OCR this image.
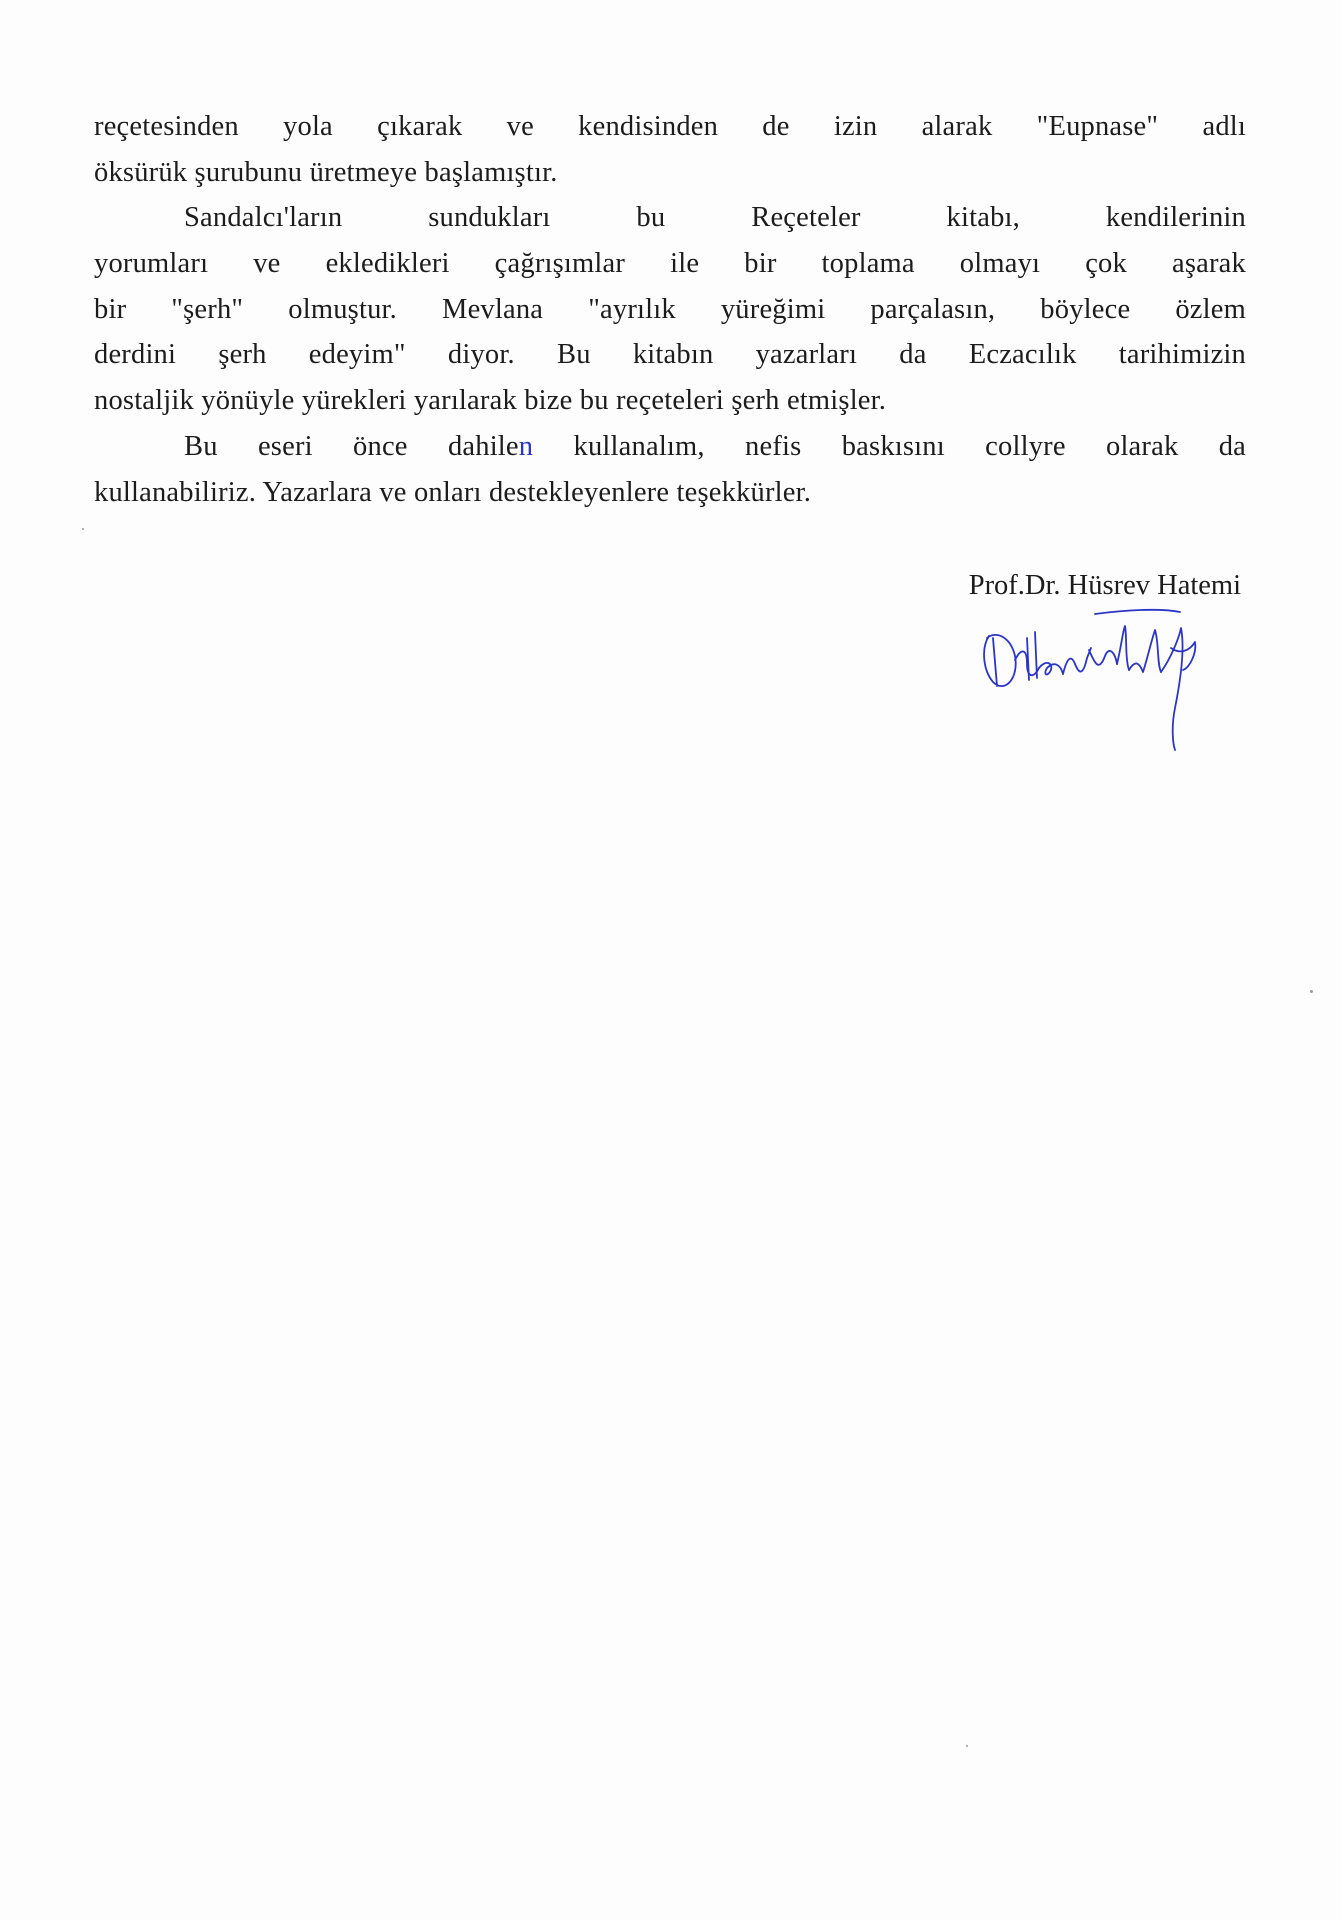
reçetesinden yola çıkarak ve kendisinden de izin alarak "Eupnase" adlı
öksürük şurubunu üretmeye başlamıştır.
Sandalcı'ların sundukları bu Reçeteler kitabı, kendilerinin
yorumları ve ekledikleri çağrışımlar ile bir toplama olmayı çok aşarak
bir "şerh" olmuştur. Mevlana "ayrılık yüreğimi parçalasın, böylece özlem
derdini şerh edeyim" diyor. Bu kitabın yazarları da Eczacılık tarihimizin
nostaljik yönüyle yürekleri yarılarak bize bu reçeteleri şerh etmişler.
Bu eseri önce dahilen kullanalım, nefis baskısını collyre olarak da
kullanabiliriz. Yazarlara ve onları destekleyenlere teşekkürler.
Prof.Dr. Hüsrev Hatemi
